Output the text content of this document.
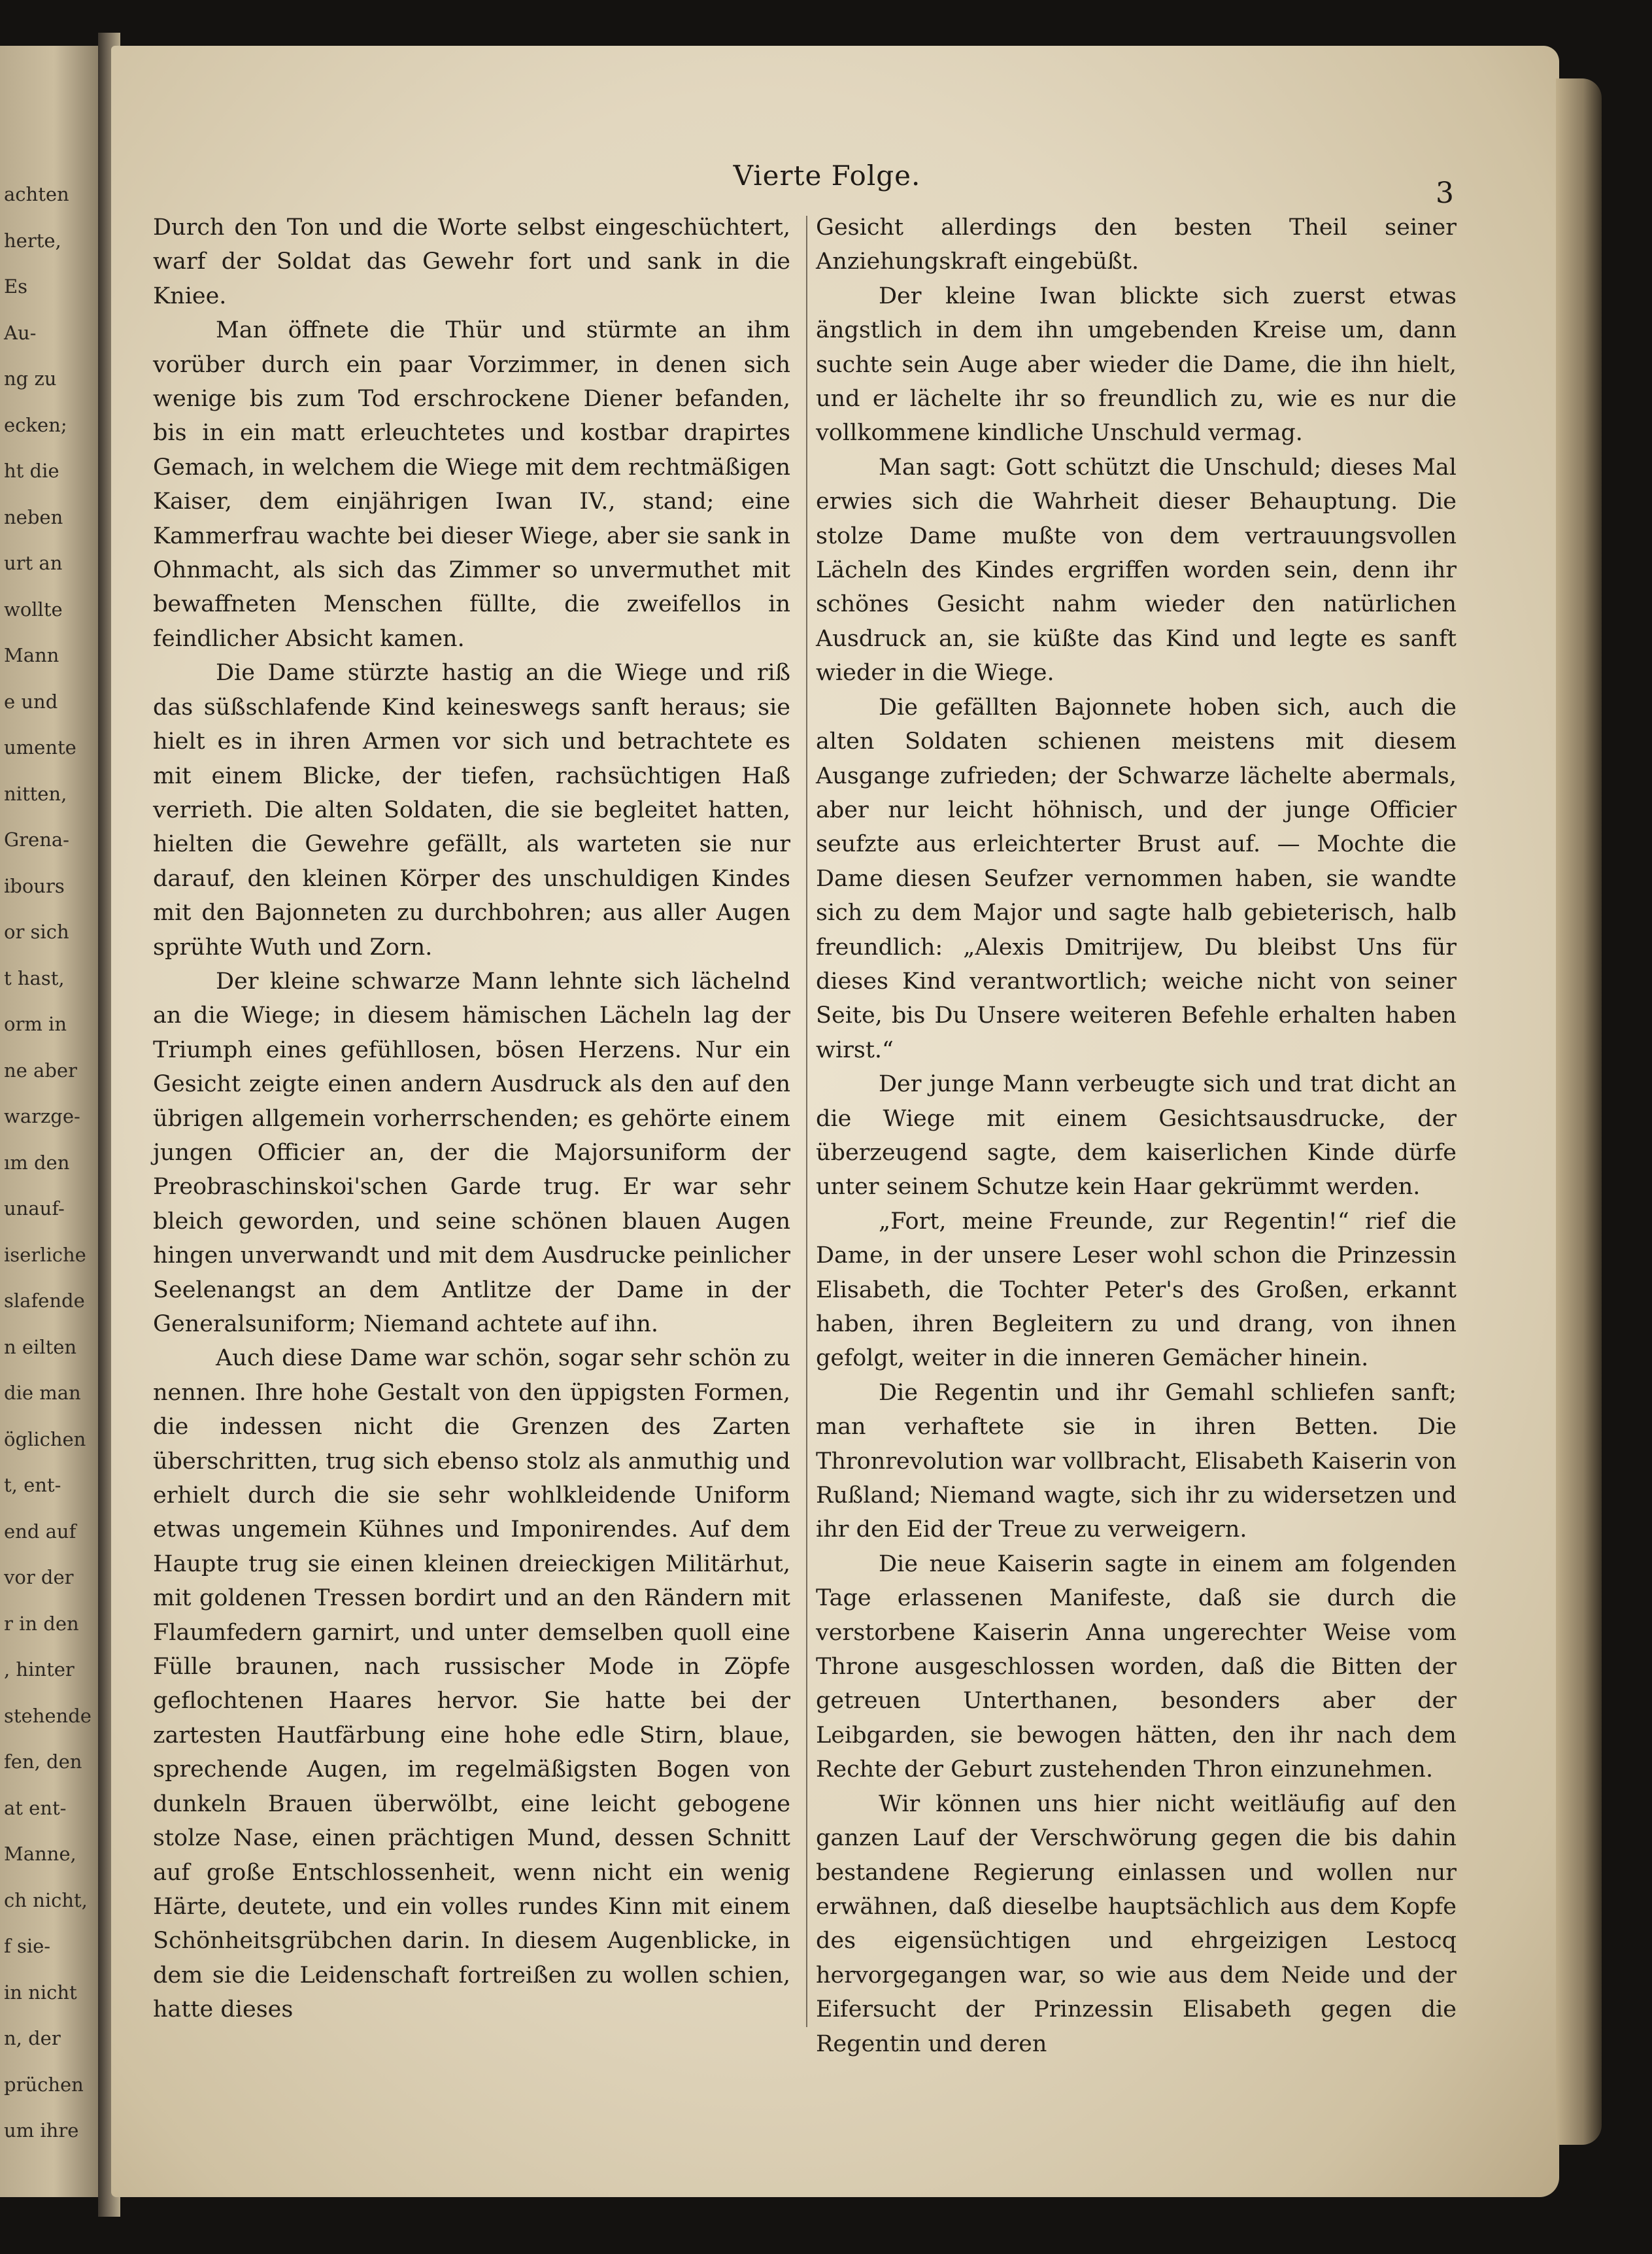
achten
herte,
Es
Au-
ng zu
ecken;
ht die
neben
urt an
wollte
Mann
e und
umente
nitten,
Grena-
ibours
or sich
t hast,
orm in
ne aber
warzge-
ım den
unauf-
iserliche
slafende
n eilten
die man
öglichen
t, ent-
end auf
vor der
r in den
, hinter
stehende
fen, den
at ent-
Manne,
ch nicht,
f sie-
in nicht
n, der
prüchen
um ihre
Vierte Folge.
3

Durch den Ton und die Worte selbst eingeschüchtert, warf der Soldat das Gewehr fort und sank in die Kniee.

Man öffnete die Thür und stürmte an ihm vorüber durch ein paar Vorzimmer, in denen sich wenige bis zum Tod erschrockene Diener befanden, bis in ein matt erleuchtetes und kostbar drapirtes Gemach, in welchem die Wiege mit dem rechtmäßigen Kaiser, dem einjährigen Iwan IV., stand; eine Kammerfrau wachte bei dieser Wiege, aber sie sank in Ohnmacht, als sich das Zimmer so unvermuthet mit bewaffneten Menschen füllte, die zweifellos in feindlicher Absicht kamen.

Die Dame stürzte hastig an die Wiege und riß das süßschlafende Kind keineswegs sanft heraus; sie hielt es in ihren Armen vor sich und betrachtete es mit einem Blicke, der tiefen, rachsüchtigen Haß verrieth. Die alten Soldaten, die sie begleitet hatten, hielten die Gewehre gefällt, als warteten sie nur darauf, den kleinen Körper des unschuldigen Kindes mit den Bajonneten zu durchbohren; aus aller Augen sprühte Wuth und Zorn.

Der kleine schwarze Mann lehnte sich lächelnd an die Wiege; in diesem hämischen Lächeln lag der Triumph eines gefühllosen, bösen Herzens. Nur ein Gesicht zeigte einen andern Ausdruck als den auf den übrigen allgemein vorherrschenden; es gehörte einem jungen Officier an, der die Majorsuniform der Preobraschinskoi'schen Garde trug. Er war sehr bleich geworden, und seine schönen blauen Augen hingen unverwandt und mit dem Ausdrucke peinlicher Seelenangst an dem Antlitze der Dame in der Generalsuniform; Niemand achtete auf ihn.

Auch diese Dame war schön, sogar sehr schön zu nennen. Ihre hohe Gestalt von den üppigsten Formen, die indessen nicht die Grenzen des Zarten überschritten, trug sich ebenso stolz als anmuthig und erhielt durch die sie sehr wohlkleidende Uniform etwas ungemein Kühnes und Imponirendes. Auf dem Haupte trug sie einen kleinen dreieckigen Militärhut, mit goldenen Tressen bordirt und an den Rändern mit Flaumfedern garnirt, und unter demselben quoll eine Fülle braunen, nach russischer Mode in Zöpfe geflochtenen Haares hervor. Sie hatte bei der zartesten Hautfärbung eine hohe edle Stirn, blaue, sprechende Augen, im regelmäßigsten Bogen von dunkeln Brauen überwölbt, eine leicht gebogene stolze Nase, einen prächtigen Mund, dessen Schnitt auf große Entschlossenheit, wenn nicht ein wenig Härte, deutete, und ein volles rundes Kinn mit einem Schönheitsgrübchen darin. In diesem Augenblicke, in dem sie die Leidenschaft fortreißen zu wollen schien, hatte dieses

Gesicht allerdings den besten Theil seiner Anziehungskraft eingebüßt.

Der kleine Iwan blickte sich zuerst etwas ängstlich in dem ihn umgebenden Kreise um, dann suchte sein Auge aber wieder die Dame, die ihn hielt, und er lächelte ihr so freundlich zu, wie es nur die vollkommene kindliche Unschuld vermag.

Man sagt: Gott schützt die Unschuld; dieses Mal erwies sich die Wahrheit dieser Behauptung. Die stolze Dame mußte von dem vertrauungsvollen Lächeln des Kindes ergriffen worden sein, denn ihr schönes Gesicht nahm wieder den natürlichen Ausdruck an, sie küßte das Kind und legte es sanft wieder in die Wiege.

Die gefällten Bajonnete hoben sich, auch die alten Soldaten schienen meistens mit diesem Ausgange zufrieden; der Schwarze lächelte abermals, aber nur leicht höhnisch, und der junge Officier seufzte aus erleichterter Brust auf. — Mochte die Dame diesen Seufzer vernommen haben, sie wandte sich zu dem Major und sagte halb gebieterisch, halb freundlich: „Alexis Dmitrijew, Du bleibst Uns für dieses Kind verantwortlich; weiche nicht von seiner Seite, bis Du Unsere weiteren Befehle erhalten haben wirst.“

Der junge Mann verbeugte sich und trat dicht an die Wiege mit einem Gesichtsausdrucke, der überzeugend sagte, dem kaiserlichen Kinde dürfe unter seinem Schutze kein Haar gekrümmt werden.

„Fort, meine Freunde, zur Regentin!“ rief die Dame, in der unsere Leser wohl schon die Prinzessin Elisabeth, die Tochter Peter's des Großen, erkannt haben, ihren Begleitern zu und drang, von ihnen gefolgt, weiter in die inneren Gemächer hinein.

Die Regentin und ihr Gemahl schliefen sanft; man verhaftete sie in ihren Betten. Die Thronrevolution war vollbracht, Elisabeth Kaiserin von Rußland; Niemand wagte, sich ihr zu widersetzen und ihr den Eid der Treue zu verweigern.

Die neue Kaiserin sagte in einem am folgenden Tage erlassenen Manifeste, daß sie durch die verstorbene Kaiserin Anna ungerechter Weise vom Throne ausgeschlossen worden, daß die Bitten der getreuen Unterthanen, besonders aber der Leibgarden, sie bewogen hätten, den ihr nach dem Rechte der Geburt zustehenden Thron einzunehmen.

Wir können uns hier nicht weitläufig auf den ganzen Lauf der Verschwörung gegen die bis dahin bestandene Regierung einlassen und wollen nur erwähnen, daß dieselbe hauptsächlich aus dem Kopfe des eigensüchtigen und ehrgeizigen Lestocq hervorgegangen war, so wie aus dem Neide und der Eifersucht der Prinzessin Elisabeth gegen die Regentin und deren
